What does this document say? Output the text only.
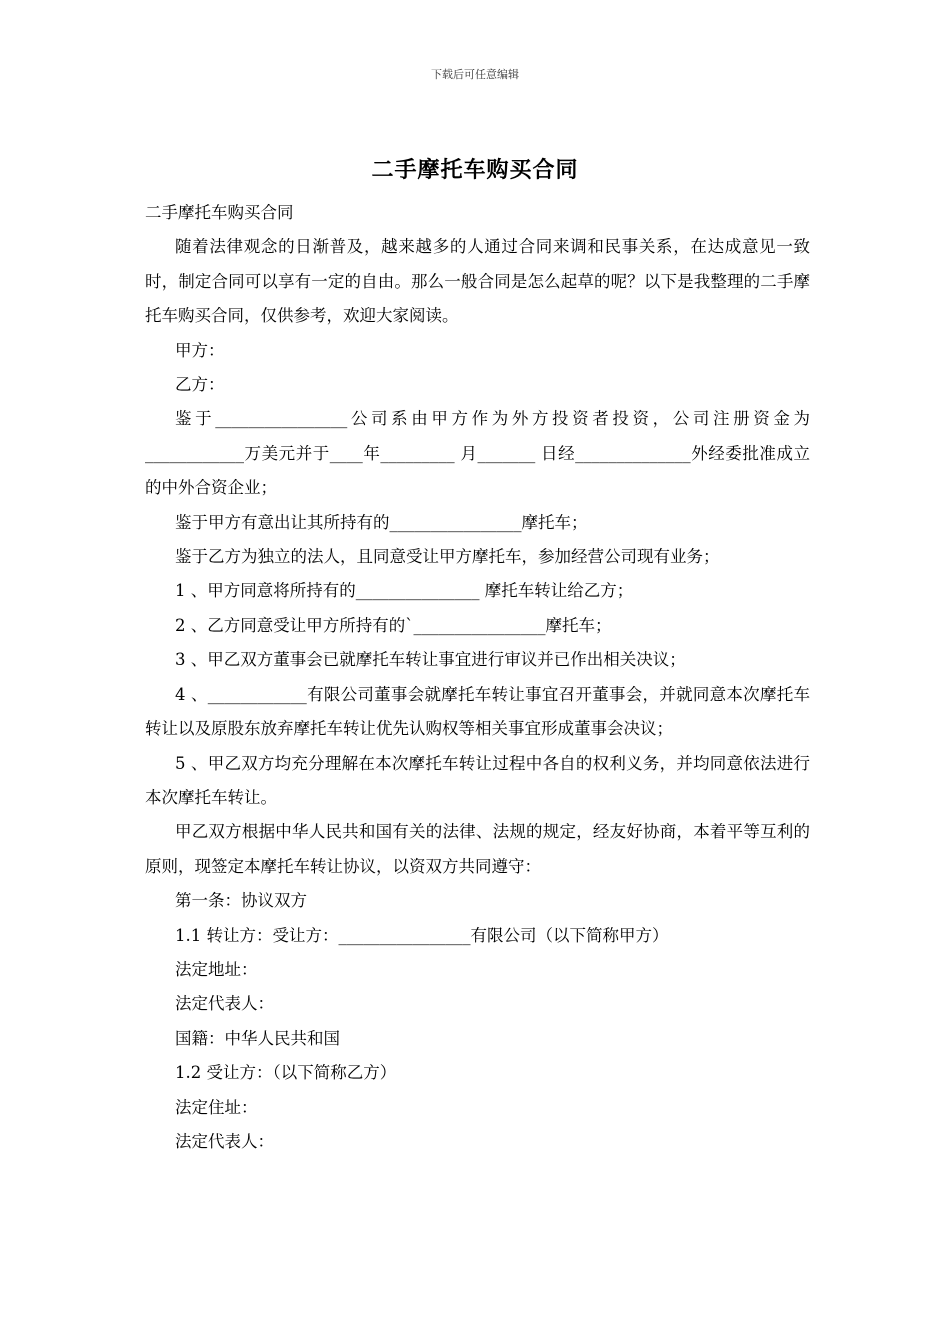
下载后可任意编辑
二手摩托车购买合同

二手摩托车购买合同

随着法律观念的日渐普及，越来越多的人通过合同来调和民事关系，在达成意见一致时，制定合同可以享有一定的自由。那么一般合同是怎么起草的呢？以下是我整理的二手摩托车购买合同，仅供参考，欢迎大家阅读。

甲方：

乙方：

鉴于________________公司系由甲方作为外方投资者投资，公司注册资金为____________万美元并于____年_________ 月_______ 日经______________外经委批准成立的中外合资企业；

鉴于甲方有意出让其所持有的________________摩托车；

鉴于乙方为独立的法人，且同意受让甲方摩托车，参加经营公司现有业务；

1 、甲方同意将所持有的_______________ 摩托车转让给乙方；

2 、乙方同意受让甲方所持有的`________________摩托车；

3 、甲乙双方董事会已就摩托车转让事宜进行审议并已作出相关决议；

4 、____________有限公司董事会就摩托车转让事宜召开董事会，并就同意本次摩托车转让以及原股东放弃摩托车转让优先认购权等相关事宜形成董事会决议；

5 、甲乙双方均充分理解在本次摩托车转让过程中各自的权利义务，并均同意依法进行本次摩托车转让。

甲乙双方根据中华人民共和国有关的法律、法规的规定，经友好协商，本着平等互利的原则，现签定本摩托车转让协议，以资双方共同遵守：

第一条：协议双方

1.1 转让方：受让方：________________有限公司（以下简称甲方）

法定地址：

法定代表人：

国籍：中华人民共和国

1.2 受让方：（以下简称乙方）

法定住址：

法定代表人：
